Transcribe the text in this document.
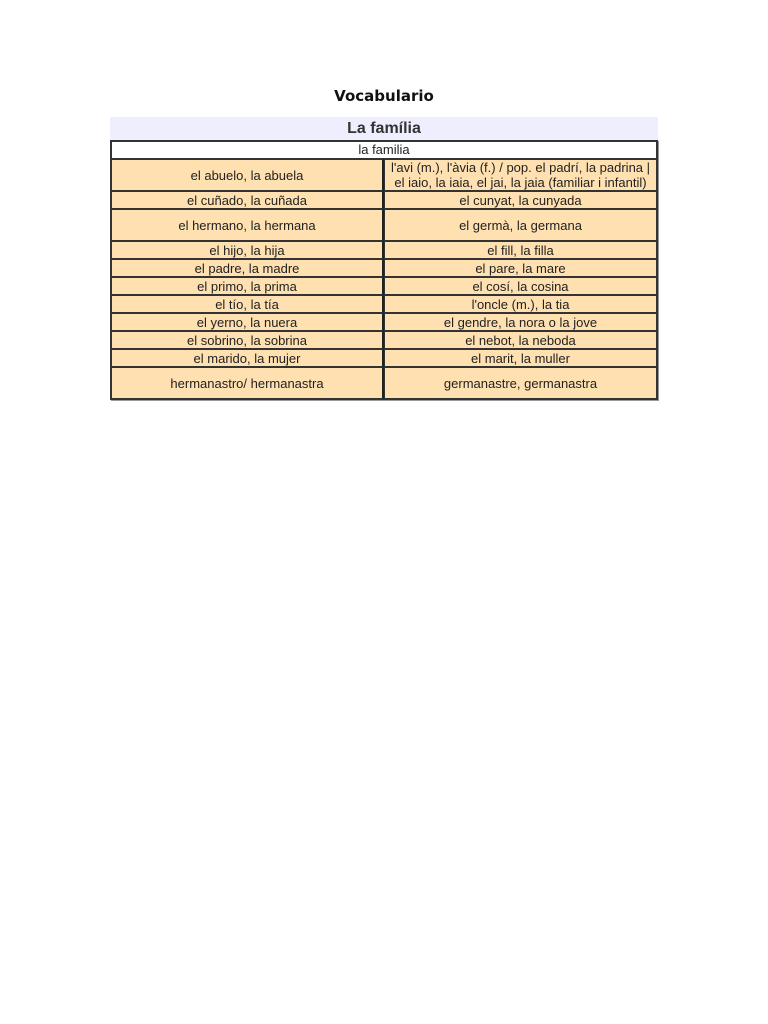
Vocabulario
La família
la familia	
el abuelo, la abuela	l'avi (m.), l'àvia (f.) / pop. el padrí, la padrina | el iaio, la iaia, el jai, la jaia (familiar i infantil)
el cuñado, la cuñada	el cunyat, la cunyada
el hermano, la hermana	el germà, la germana
el hijo, la hija	el fill, la filla
el padre, la madre	el pare, la mare
el primo, la prima	el cosí, la cosina
el tío, la tía	l'oncle (m.), la tia
el yerno, la nuera	el gendre, la nora o la jove
el sobrino, la sobrina	el nebot, la neboda
el marido, la mujer	el marit, la muller
hermanastro/ hermanastra	germanastre, germanastra
